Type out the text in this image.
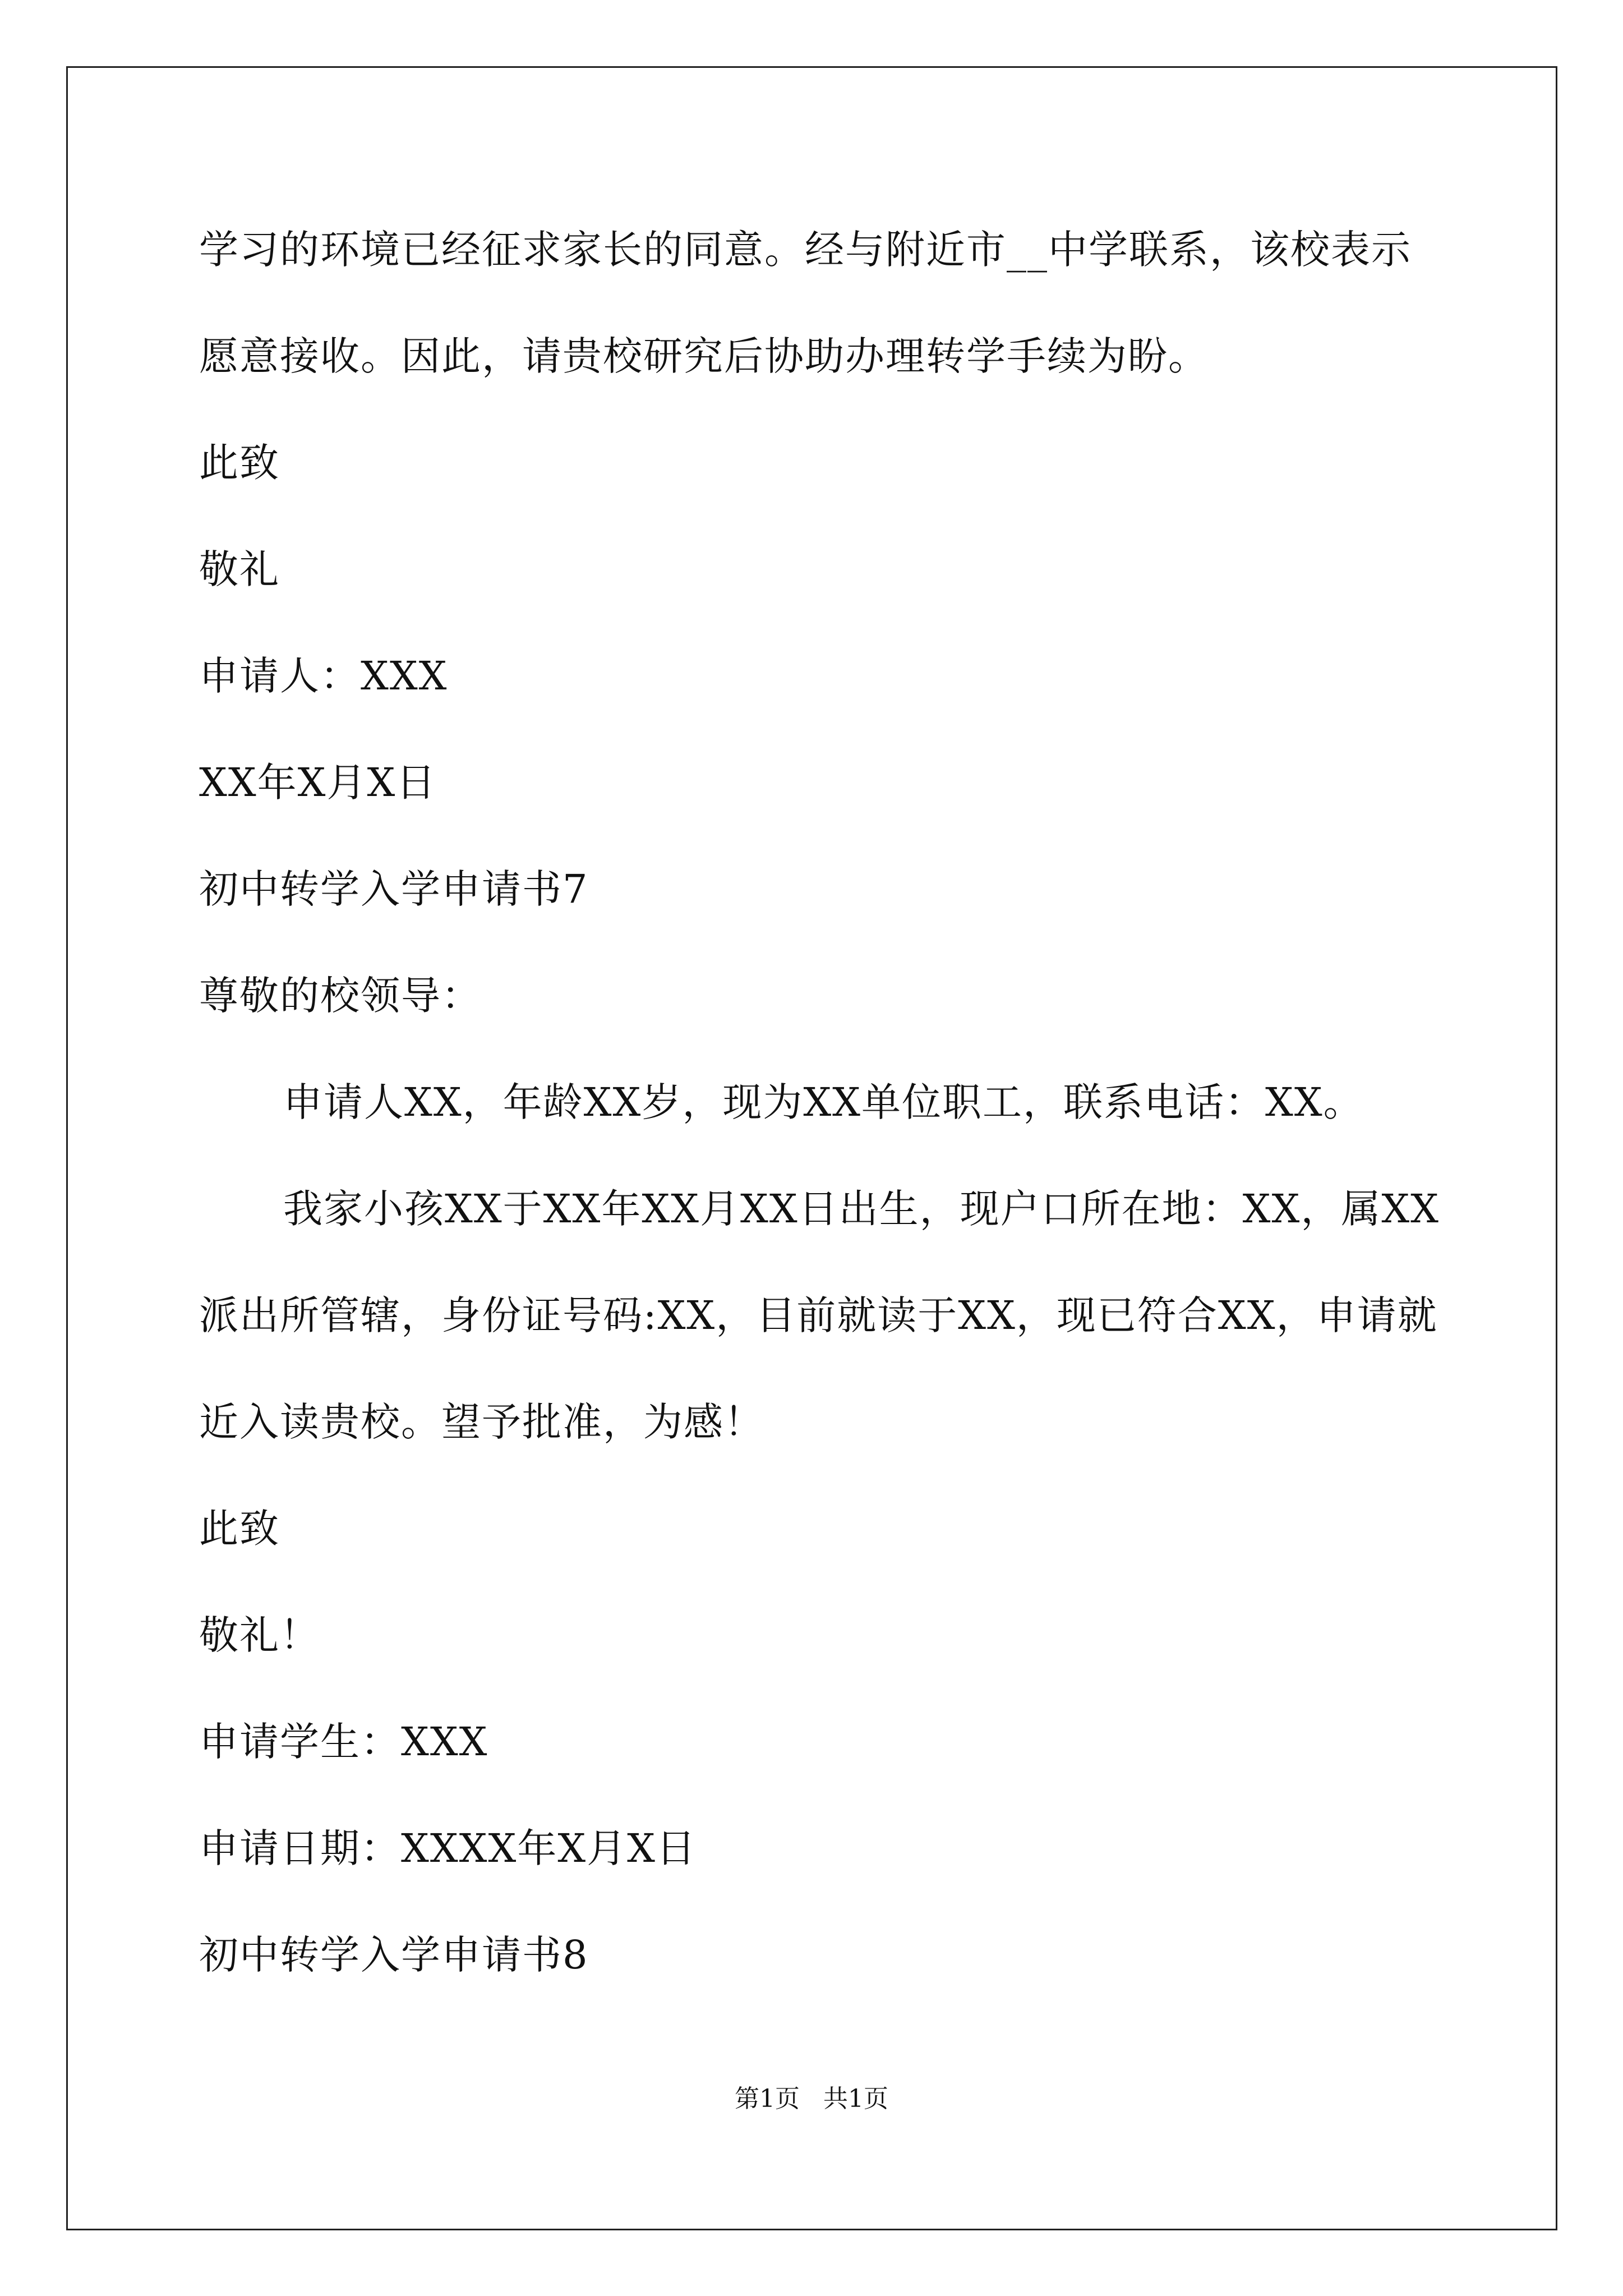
学习的环境已经征求家长的同意。经与附近市__中学联系，该校表示
愿意接收。因此，请贵校研究后协助办理转学手续为盼。
此致
敬礼
申请人：XXX
XX年X月X日
初中转学入学申请书7
尊敬的校领导：
申请人XX，年龄XX岁，现为XX单位职工，联系电话：XX。
我家小孩XX于XX年XX月XX日出生，现户口所在地：XX，属XX
派出所管辖，身份证号码:XX，目前就读于XX，现已符合XX，申请就
近入读贵校。望予批准，为感！
此致
敬礼！
申请学生：XXX
申请日期：XXXX年X月X日
初中转学入学申请书8
第1页   共1页
